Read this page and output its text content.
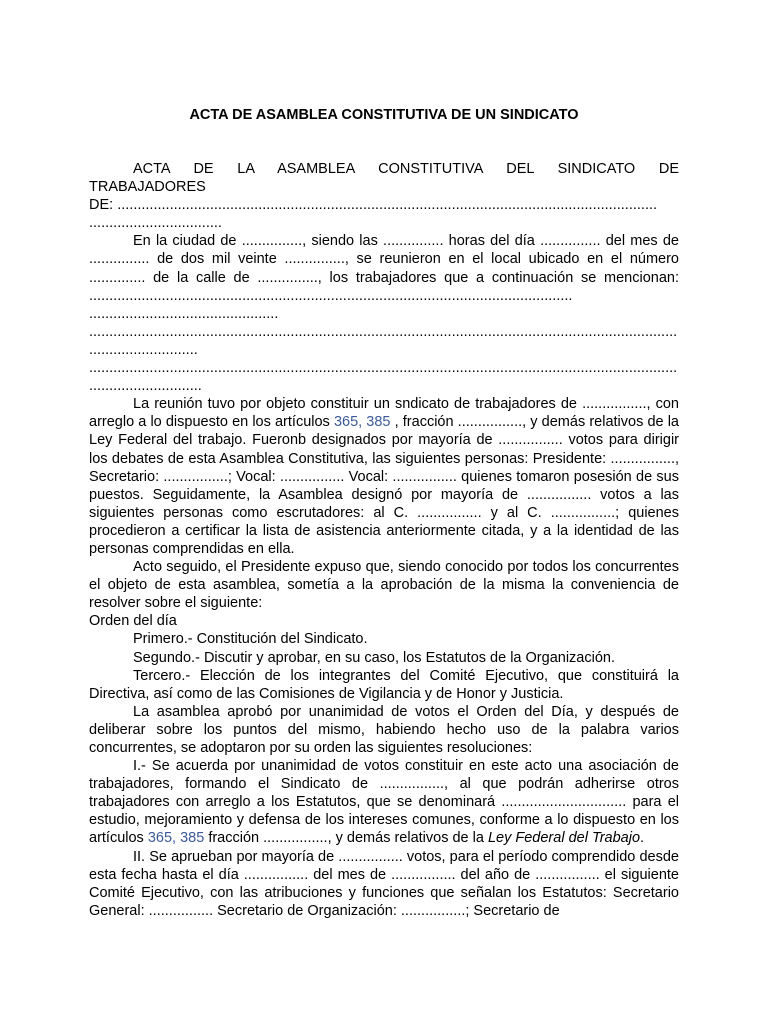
ACTA DE ASAMBLEA CONSTITUTIVA DE UN SINDICATO

ACTA DE LA ASAMBLEA CONSTITUTIVA DEL SINDICATO DE

TRABAJADORES

DE: ......................................................................................................................................

.................................

En la ciudad de ..............., siendo las ............... horas del día ............... del mes de ............... de dos mil veinte ..............., se reunieron en el local ubicado en el número .............. de la calle de ..............., los trabajadores que a continuación se mencionan: ........................................................................................................................

...............................................

..................................................................................................................................................

...........................

..................................................................................................................................................

............................

La reunión tuvo por objeto constituir un sndicato de trabajadores de ................, con arreglo a lo dispuesto en los artículos 365, 385 , fracción ................, y demás relativos de la Ley Federal del trabajo. Fueronb designados por mayoría de ................ votos para dirigir los debates de esta Asamblea Constitutiva, las siguientes personas: Presidente: ................, Secretario: ................; Vocal: ................ Vocal: ................ quienes tomaron posesión de sus puestos. Seguidamente, la Asamblea designó por mayoría de ................ votos a las siguientes personas como escrutadores: al C. ................ y al C. ................; quienes procedieron a certificar la lista de asistencia anteriormente citada, y a la identidad de las personas comprendidas en ella.

Acto seguido, el Presidente expuso que, siendo conocido por todos los concurrentes el objeto de esta asamblea, sometía a la aprobación de la misma la conveniencia de resolver sobre el siguiente:

Orden del día

Primero.- Constitución del Sindicato.

Segundo.- Discutir y aprobar, en su caso, los Estatutos de la Organización.

Tercero.- Elección de los integrantes del Comité Ejecutivo, que constituirá la Directiva, así como de las Comisiones de Vigilancia y de Honor y Justicia.

La asamblea aprobó por unanimidad de votos el Orden del Día, y después de deliberar sobre los puntos del mismo, habiendo hecho uso de la palabra varios concurrentes, se adoptaron por su orden las siguientes resoluciones:

I.- Se acuerda por unanimidad de votos constituir en este acto una asociación de trabajadores, formando el Sindicato de ................, al que podrán adherirse otros trabajadores con arreglo a los Estatutos, que se denominará ............................... para el estudio, mejoramiento y defensa de los intereses comunes, conforme a lo dispuesto en los artículos 365, 385 fracción ................, y demás relativos de la Ley Federal del Trabajo.

II. Se aprueban por mayoría de ................ votos, para el período comprendido desde esta fecha hasta el día ................ del mes de ................ del año de ................ el siguiente Comité Ejecutivo, con las atribuciones y funciones que señalan los Estatutos: Secretario General: ................ Secretario de Organización: ................; Secretario de
